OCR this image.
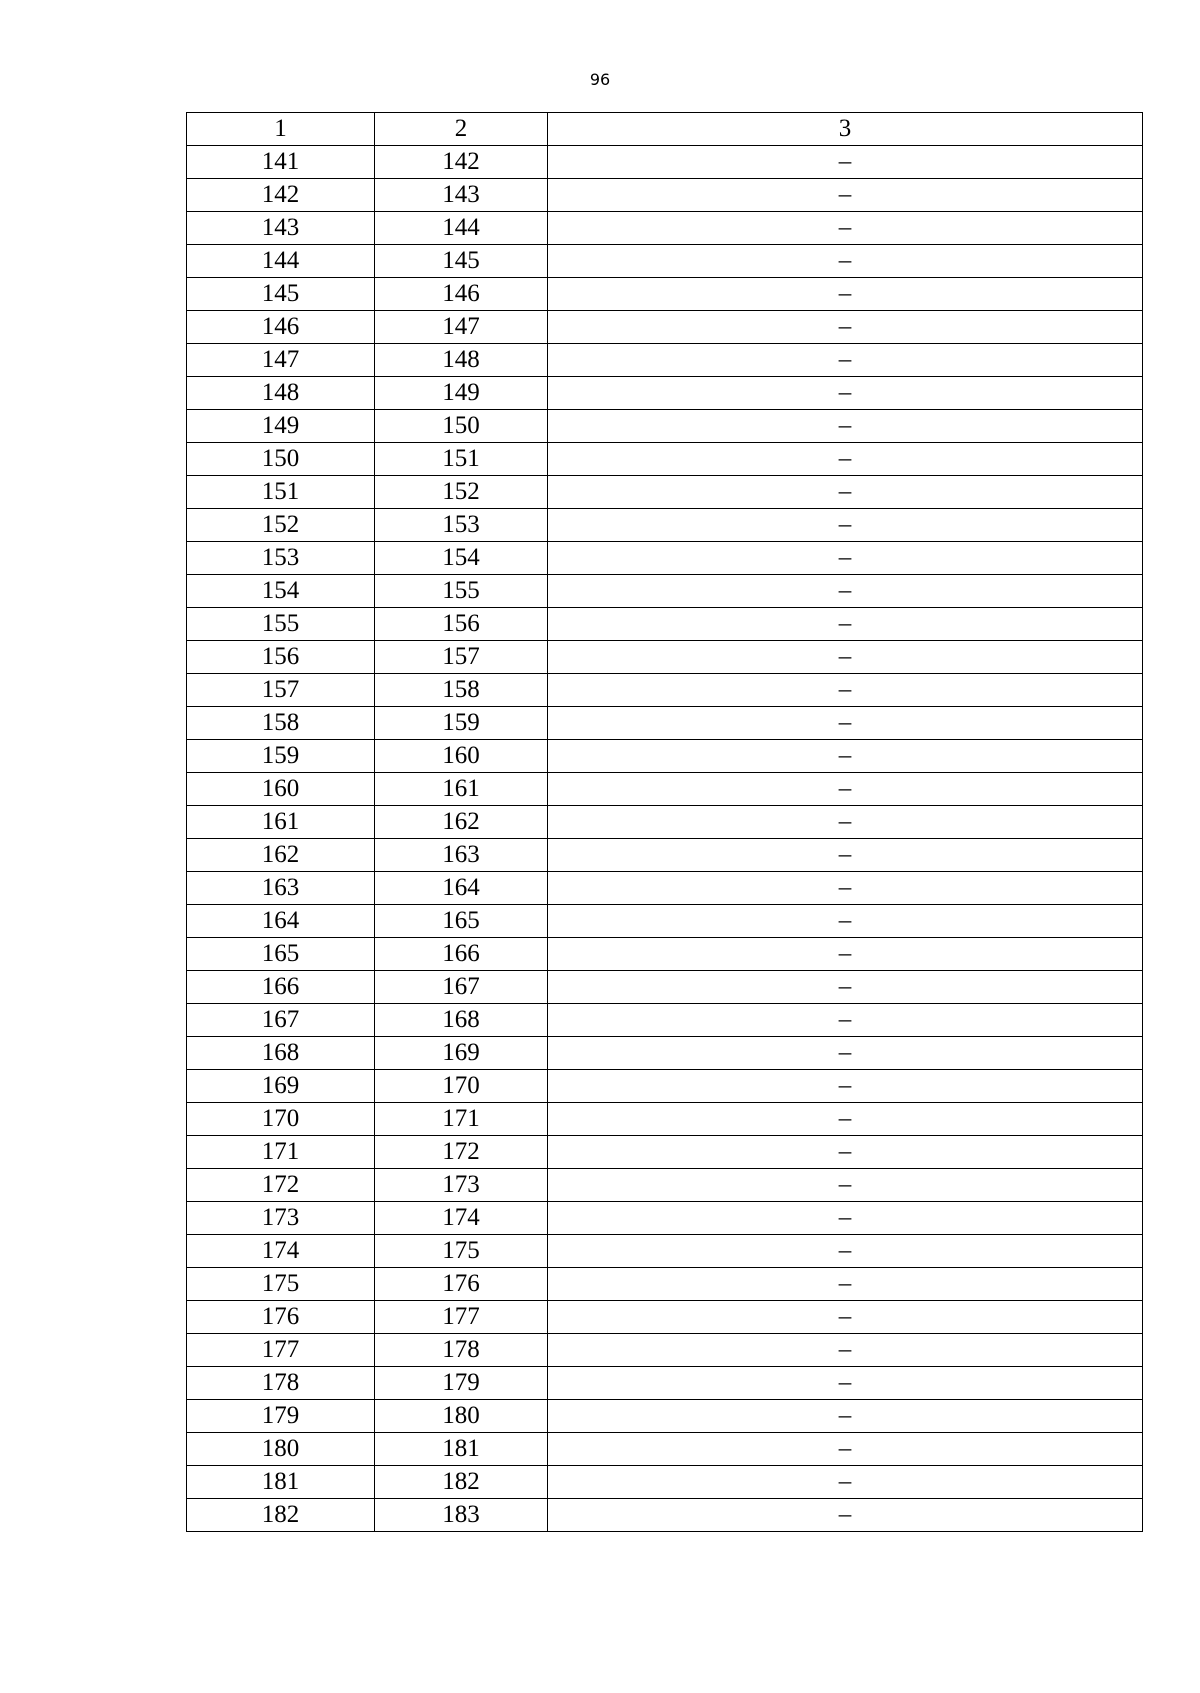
96
1	2	3
141	142	–
142	143	–
143	144	–
144	145	–
145	146	–
146	147	–
147	148	–
148	149	–
149	150	–
150	151	–
151	152	–
152	153	–
153	154	–
154	155	–
155	156	–
156	157	–
157	158	–
158	159	–
159	160	–
160	161	–
161	162	–
162	163	–
163	164	–
164	165	–
165	166	–
166	167	–
167	168	–
168	169	–
169	170	–
170	171	–
171	172	–
172	173	–
173	174	–
174	175	–
175	176	–
176	177	–
177	178	–
178	179	–
179	180	–
180	181	–
181	182	–
182	183	–
